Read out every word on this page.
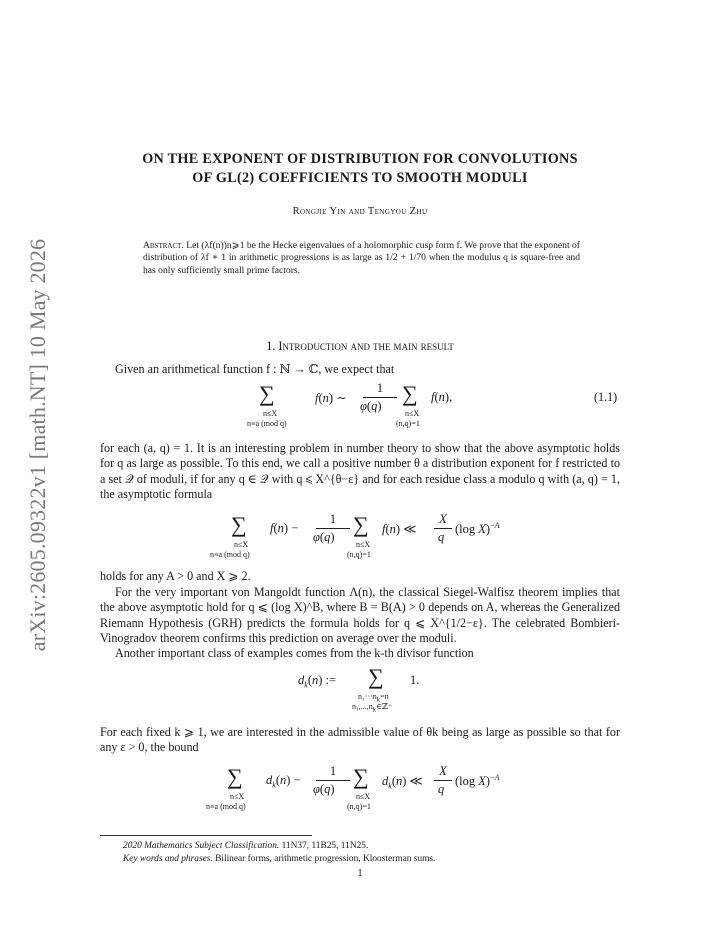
arXiv:2605.09322v1 [math.NT] 10 May 2026
ON THE EXPONENT OF DISTRIBUTION FOR CONVOLUTIONS
OF GL(2) COEFFICIENTS TO SMOOTH MODULI
Rongjie Yin and Tengyou Zhu
Abstract. Let (λf(n))n⩾1 be the Hecke eigenvalues of a holomorphic cusp form f. We prove that the exponent of distribution of λf ∗ 1 in arithmetic progressions is as large as 1/2 + 1/70 when the modulus q is square-free and has only sufficiently small prime factors.
1. Introduction and the main result
Given an arithmetical function f : ℕ → ℂ, we expect that
∑
n≤X
n≡a (mod q)
f(n) ∼
1
φ(q) ∑
n≤X
(n,q)=1
f(n),	(1.1)
for each (a, q) = 1. It is an interesting problem in number theory to show that the above asymptotic holds for q as large as possible. To this end, we call a positive number θ a distribution exponent for f restricted to a set 𝒬 of moduli, if for any q ∈ 𝒬 with q ⩽ X^{θ−ε} and for each residue class a modulo q with (a, q) = 1, the asymptotic formula
∑
n≤X
n≡a (mod q)
f(n) −
1
φ(q) ∑
n≤X
(n,q)=1
f(n) ≪
X
q
(log X)$^{-A}$
holds for any A > 0 and X ⩾ 2.
For the very important von Mangoldt function Λ(n), the classical Siegel-Walfisz theorem implies that the above asymptotic hold for q ⩽ (log X)^B, where B = B(A) > 0 depends on A, whereas the Generalized Riemann Hypothesis (GRH) predicts the formula holds for q ⩽ X^{1/2−ε}. The celebrated Bombieri-Vinogradov theorem confirms this prediction on average over the moduli.
Another important class of examples comes from the k-th divisor function
$d_k(n)$ := ∑
$n_1\cdot\cdot\cdot n_k=n$
$n_1,...,n_k\in ℤ^+$
1.
For each fixed k ⩾ 1, we are interested in the admissible value of θk being as large as possible so that for any ε > 0, the bound
∑
n≤X
n≡a (mod q)
$d_k(n)$ −
1
φ(q) ∑
n≤X
(n,q)=1
$d_k(n)$ ≪
X
q
(log X)$^{-A}$
2020 Mathematics Subject Classification. 11N37, 11B25, 11N25.
Key words and phrases. Bilinear forms, arithmetic progression, Kloosterman sums.
1
